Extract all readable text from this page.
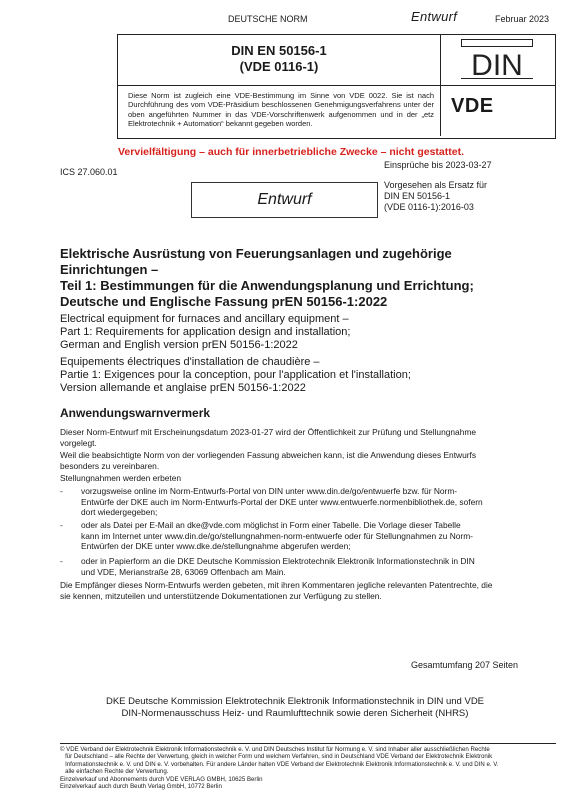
DEUTSCHE NORM	Entwurf	Februar 2023
DIN EN 50156-1
(VDE 0116-1)
Diese Norm ist zugleich eine VDE-Bestimmung im Sinne von VDE 0022. Sie ist nach Durchführung des vom VDE-Präsidium beschlossenen Genehmigungsverfahrens unter der oben angeführten Nummer in das VDE-Vorschriftenwerk aufgenommen und in der „etz Elektrotechnik + Automation“ bekannt gegeben worden.
DIN
VDE
Vervielfältigung – auch für innerbetriebliche Zwecke – nicht gestattet.
Einsprüche bis 2023-03-27
ICS 27.060.01
Vorgesehen als Ersatz für
DIN EN 50156-1
(VDE 0116-1):2016-03
Entwurf
Elektrische Ausrüstung von Feuerungsanlagen und zugehörige
Einrichtungen –
Teil 1: Bestimmungen für die Anwendungsplanung und Errichtung;
Deutsche und Englische Fassung prEN 50156-1:2022
Electrical equipment for furnaces and ancillary equipment –
Part 1: Requirements for application design and installation;
German and English version prEN 50156-1:2022
Equipements électriques d'installation de chaudière –
Partie 1: Exigences pour la conception, pour l'application et l'installation;
Version allemande et anglaise prEN 50156-1:2022
Anwendungswarnvermerk
Dieser Norm-Entwurf mit Erscheinungsdatum 2023-01-27 wird der Öffentlichkeit zur Prüfung und Stellungnahme
vorgelegt.
Weil die beabsichtigte Norm von der vorliegenden Fassung abweichen kann, ist die Anwendung dieses Entwurfs
besonders zu vereinbaren.
Stellungnahmen werden erbeten
- vorzugsweise online im Norm-Entwurfs-Portal von DIN unter www.din.de/go/entwuerfe bzw. für Norm-
Entwürfe der DKE auch im Norm-Entwurfs-Portal der DKE unter www.entwuerfe.normenbibliothek.de, sofern
dort wiedergegeben;
- oder als Datei per E-Mail an dke@vde.com möglichst in Form einer Tabelle. Die Vorlage dieser Tabelle
kann im Internet unter www.din.de/go/stellungnahmen-norm-entwuerfe oder für Stellungnahmen zu Norm-
Entwürfen der DKE unter www.dke.de/stellungnahme abgerufen werden;
- oder in Papierform an die DKE Deutsche Kommission Elektrotechnik Elektronik Informationstechnik in DIN
und VDE, Merianstraße 28, 63069 Offenbach am Main.
Die Empfänger dieses Norm-Entwurfs werden gebeten, mit ihren Kommentaren jegliche relevanten Patentrechte, die
sie kennen, mitzuteilen und unterstützende Dokumentationen zur Verfügung zu stellen.
Gesamtumfang 207 Seiten
DKE Deutsche Kommission Elektrotechnik Elektronik Informationstechnik in DIN und VDE
DIN-Normenausschuss Heiz- und Raumlufttechnik sowie deren Sicherheit (NHRS)
© VDE Verband der Elektrotechnik Elektronik Informationstechnik e. V. und DIN Deutsches Institut für Normung e. V. sind Inhaber aller ausschließlichen Rechte
für Deutschland – alle Rechte der Verwertung, gleich in welcher Form und welchem Verfahren, sind in Deutschland VDE Verband der Elektrotechnik Elektronik
Informationstechnik e. V. und DIN e. V. vorbehalten. Für andere Länder halten VDE Verband der Elektrotechnik Elektronik Informationstechnik e. V. und DIN e. V.
alle einfachen Rechte der Verwertung.
Einzelverkauf und Abonnements durch VDE VERLAG GMBH, 10625 Berlin
Einzelverkauf auch durch Beuth Verlag GmbH, 10772 Berlin
